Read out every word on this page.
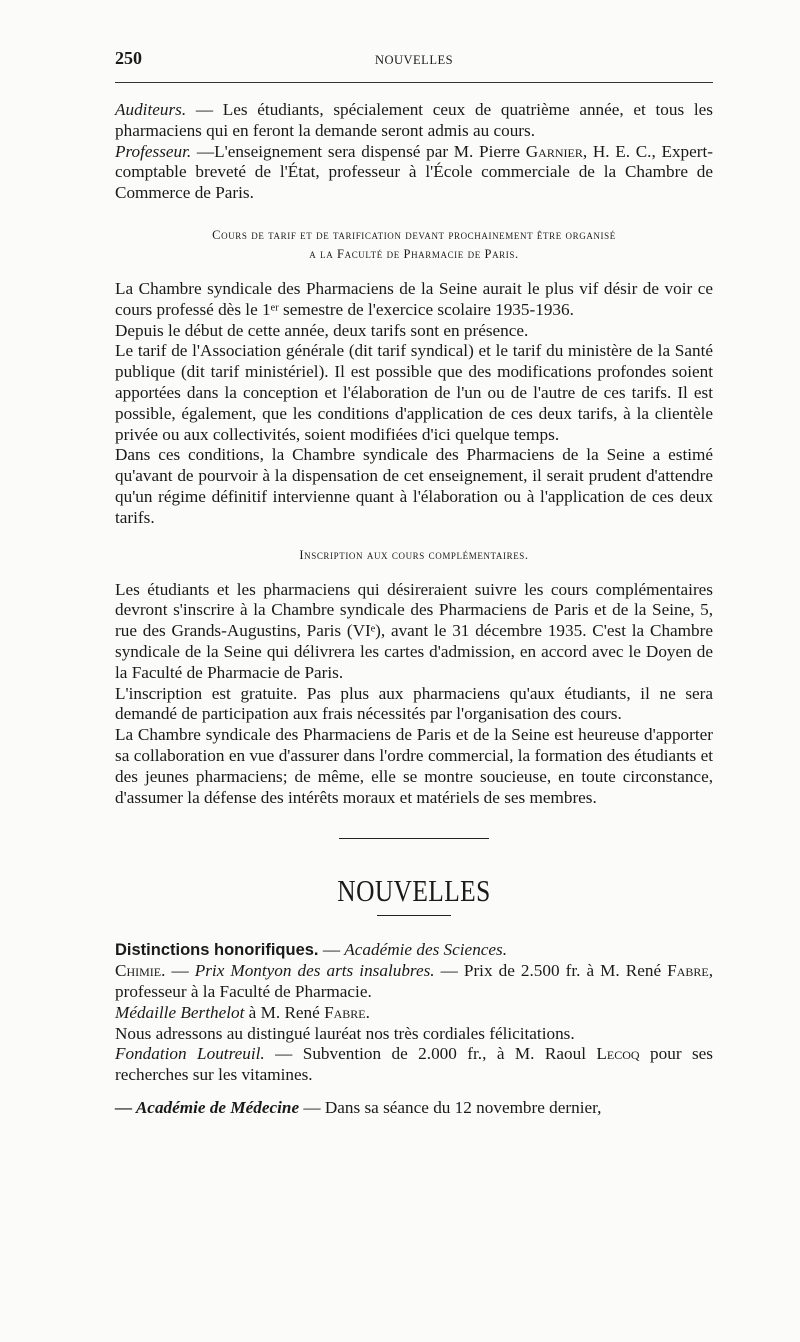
250	NOUVELLES

Auditeurs. — Les étudiants, spécialement ceux de quatrième année, et tous les pharmaciens qui en feront la demande seront admis au cours.

Professeur. —L'enseignement sera dispensé par M. Pierre Garnier, H. E. C., Expert-comptable breveté de l'État, professeur à l'École commerciale de la Chambre de Commerce de Paris.

Cours de tarif et de tarification devant prochainement être organisé
a la Faculté de Pharmacie de Paris.

La Chambre syndicale des Pharmaciens de la Seine aurait le plus vif désir de voir ce cours professé dès le 1ᵉʳ semestre de l'exercice scolaire 1935-1936.

Depuis le début de cette année, deux tarifs sont en présence.

Le tarif de l'Association générale (dit tarif syndical) et le tarif du ministère de la Santé publique (dit tarif ministériel). Il est possible que des modifications profondes soient apportées dans la conception et l'élaboration de l'un ou de l'autre de ces tarifs. Il est possible, également, que les conditions d'application de ces deux tarifs, à la clientèle privée ou aux collectivités, soient modifiées d'ici quelque temps.

Dans ces conditions, la Chambre syndicale des Pharmaciens de la Seine a estimé qu'avant de pourvoir à la dispensation de cet enseignement, il serait prudent d'attendre qu'un régime définitif intervienne quant à l'élaboration ou à l'application de ces deux tarifs.

Inscription aux cours complémentaires.

Les étudiants et les pharmaciens qui désireraient suivre les cours complémentaires devront s'inscrire à la Chambre syndicale des Pharmaciens de Paris et de la Seine, 5, rue des Grands-Augustins, Paris (VIᵉ), avant le 31 décembre 1935. C'est la Chambre syndicale de la Seine qui délivrera les cartes d'admission, en accord avec le Doyen de la Faculté de Pharmacie de Paris.

L'inscription est gratuite. Pas plus aux pharmaciens qu'aux étudiants, il ne sera demandé de participation aux frais nécessités par l'organisation des cours.

La Chambre syndicale des Pharmaciens de Paris et de la Seine est heureuse d'apporter sa collaboration en vue d'assurer dans l'ordre commercial, la formation des étudiants et des jeunes pharmaciens; de même, elle se montre soucieuse, en toute circonstance, d'assumer la défense des intérêts moraux et matériels de ses membres.

NOUVELLES

Distinctions honorifiques. — Académie des Sciences.

Chimie. — Prix Montyon des arts insalubres. — Prix de 2.500 fr. à M. René Fabre, professeur à la Faculté de Pharmacie.

Médaille Berthelot à M. René Fabre.

Nous adressons au distingué lauréat nos très cordiales félicitations.

Fondation Loutreuil. — Subvention de 2.000 fr., à M. Raoul Lecoq pour ses recherches sur les vitamines.

— Académie de Médecine — Dans sa séance du 12 novembre dernier,
